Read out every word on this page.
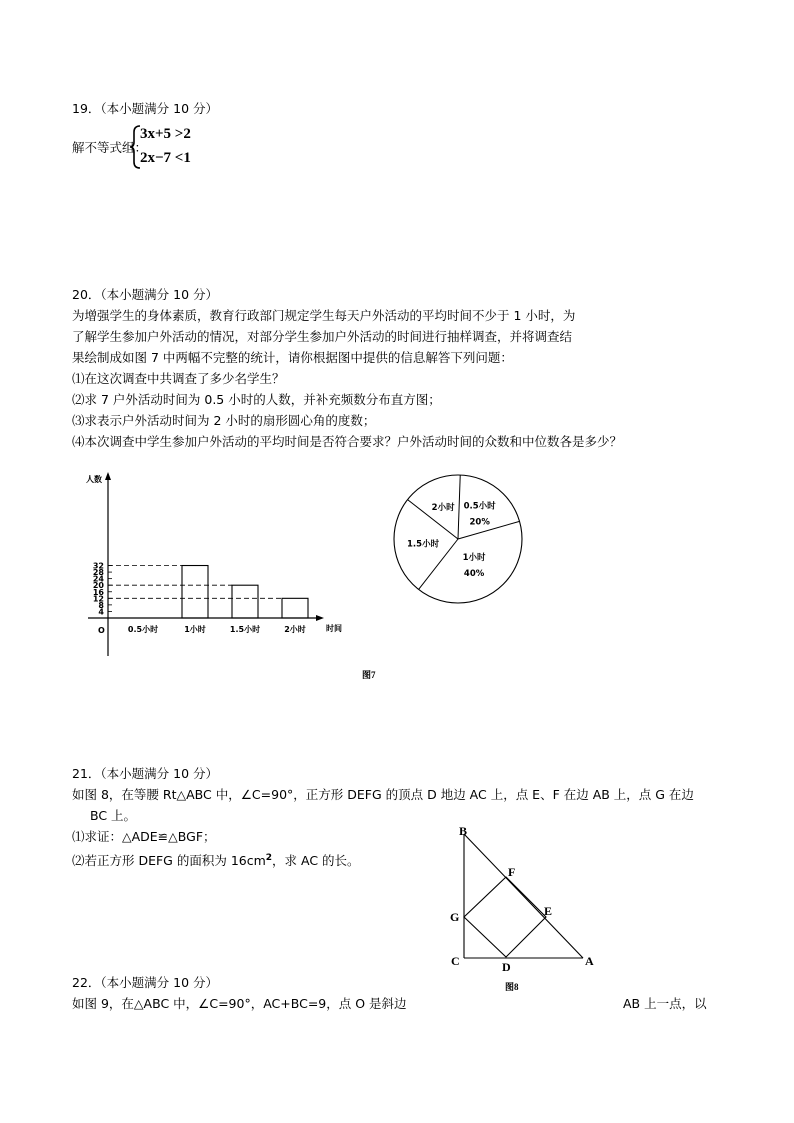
19．（本小题满分 10 分）
解不等式组：
3x+5 >2
2x−7 <1
20．（本小题满分 10 分）
为增强学生的身体素质，教育行政部门规定学生每天户外活动的平均时间不少于 1 小时，为
了解学生参加户外活动的情况，对部分学生参加户外活动的时间进行抽样调查，并将调查结
果绘制成如图 7 中两幅不完整的统计，请你根据图中提供的信息解答下列问题：
⑴在这次调查中共调查了多少名学生？
⑵求 7 户外活动时间为 0.5 小时的人数，并补充频数分布直方图；
⑶求表示户外活动时间为 2 小时的扇形圆心角的度数；
⑷本次调查中学生参加户外活动的平均时间是否符合要求？户外活动时间的众数和中位数各是多少？
人数
时间
O
4
8
12
16
20
24
28
32
0.5小时	1小时	1.5小时	2小时
0.5小时
20%
1小时
40%
1.5小时
2小时
图7
21．（本小题满分 10 分）
如图 8，在等腰 Rt△ABC 中，∠C=90°，正方形 DEFG 的顶点 D 地边 AC 上，点 E、F 在边 AB 上，点 G 在边
BC 上。
⑴求证：△ADE≌△BGF；
⑵若正方形 DEFG 的面积为 $16cm^2$，求 AC 的长。
B
F
E
G
C	D	A
图8
22．（本小题满分 10 分）
如图 9，在△ABC 中，∠C=90°，AC+BC=9，点 O 是斜边	AB 上一点，以
